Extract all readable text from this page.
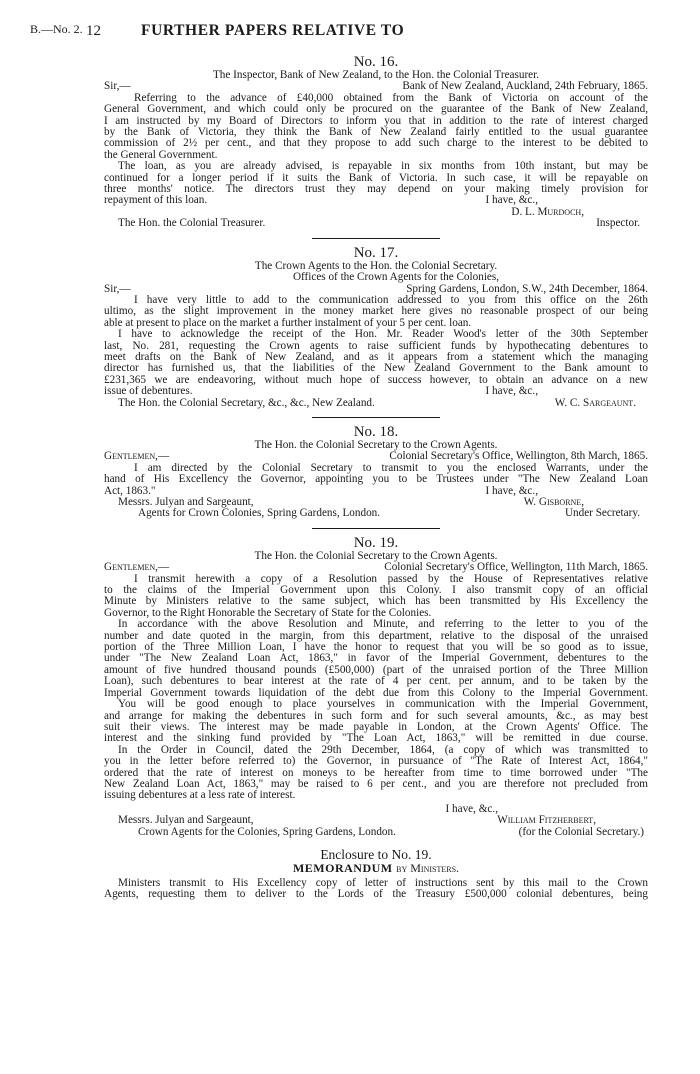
B.—No. 2. 12	FURTHER PAPERS RELATIVE TO
No. 16.
The Inspector, Bank of New Zealand, to the Hon. the Colonial Treasurer.
Sir,—	Bank of New Zealand, Auckland, 24th February, 1865.
Referring to the advance of £40,000 obtained from the Bank of Victoria on account of the
General Government, and which could only be procured on the guarantee of the Bank of New Zealand,
I am instructed by my Board of Directors to inform you that in addition to the rate of interest charged
by the Bank of Victoria, they think the Bank of New Zealand fairly entitled to the usual guarantee
commission of 2½ per cent., and that they propose to add such charge to the interest to be debited to
the General Government.
The loan, as you are already advised, is repayable in six months from 10th instant, but may be
continued for a longer period if it suits the Bank of Victoria. In such case, it will be repayable on
three months' notice. The directors trust they may depend on your making timely provision for
repayment of this loan.	I have, &c.,
D. L. Murdoch,
The Hon. the Colonial Treasurer.	Inspector.
No. 17.
The Crown Agents to the Hon. the Colonial Secretary.
Offices of the Crown Agents for the Colonies,
Sir,—	Spring Gardens, London, S.W., 24th December, 1864.
I have very little to add to the communication addressed to you from this office on the 26th
ultimo, as the slight improvement in the money market here gives no reasonable prospect of our being
able at present to place on the market a further instalment of your 5 per cent. loan.
I have to acknowledge the receipt of the Hon. Mr. Reader Wood's letter of the 30th September
last, No. 281, requesting the Crown agents to raise sufficient funds by hypothecating debentures to
meet drafts on the Bank of New Zealand, and as it appears from a statement which the managing
director has furnished us, that the liabilities of the New Zealand Government to the Bank amount to
£231,365 we are endeavoring, without much hope of success however, to obtain an advance on a new
issue of debentures.	I have, &c.,
The Hon. the Colonial Secretary, &c., &c., New Zealand.	W. C. Sargeaunt.
No. 18.
The Hon. the Colonial Secretary to the Crown Agents.
Gentlemen,—	Colonial Secretary's Office, Wellington, 8th March, 1865.
I am directed by the Colonial Secretary to transmit to you the enclosed Warrants, under the
hand of His Excellency the Governor, appointing you to be Trustees under "The New Zealand Loan
Act, 1863."	I have, &c.,
Messrs. Julyan and Sargeaunt,	W. Gisborne,
Agents for Crown Colonies, Spring Gardens, London.	Under Secretary.
No. 19.
The Hon. the Colonial Secretary to the Crown Agents.
Gentlemen,—	Colonial Secretary's Office, Wellington, 11th March, 1865.
I transmit herewith a copy of a Resolution passed by the House of Representatives relative
to the claims of the Imperial Government upon this Colony. I also transmit copy of an official
Minute by Ministers relative to the same subject, which has been transmitted by His Excellency the
Governor, to the Right Honorable the Secretary of State for the Colonies.
In accordance with the above Resolution and Minute, and referring to the letter to you of the
number and date quoted in the margin, from this department, relative to the disposal of the unraised
portion of the Three Million Loan, I have the honor to request that you will be so good as to issue,
under "The New Zealand Loan Act, 1863," in favor of the Imperial Government, debentures to the
amount of five hundred thousand pounds (£500,000) (part of the unraised portion of the Three Million
Loan), such debentures to bear interest at the rate of 4 per cent. per annum, and to be taken by the
Imperial Government towards liquidation of the debt due from this Colony to the Imperial Government.
You will be good enough to place yourselves in communication with the Imperial Government,
and arrange for making the debentures in such form and for such several amounts, &c., as may best
suit their views. The interest may be made payable in London, at the Crown Agents' Office. The
interest and the sinking fund provided by "The Loan Act, 1863," will be remitted in due course.
In the Order in Council, dated the 29th December, 1864, (a copy of which was transmitted to
you in the letter before referred to) the Governor, in pursuance of "The Rate of Interest Act, 1864,"
ordered that the rate of interest on moneys to be hereafter from time to time borrowed under "The
New Zealand Loan Act, 1863," may be raised to 6 per cent., and you are therefore not precluded from
issuing debentures at a less rate of interest.
I have, &c.,
Messrs. Julyan and Sargeaunt,	William Fitzherbert,
Crown Agents for the Colonies, Spring Gardens, London.	(for the Colonial Secretary.)
Enclosure to No. 19.
MEMORANDUM by Ministers.
Ministers transmit to His Excellency copy of letter of instructions sent by this mail to the Crown
Agents, requesting them to deliver to the Lords of the Treasury £500,000 colonial debentures, being
